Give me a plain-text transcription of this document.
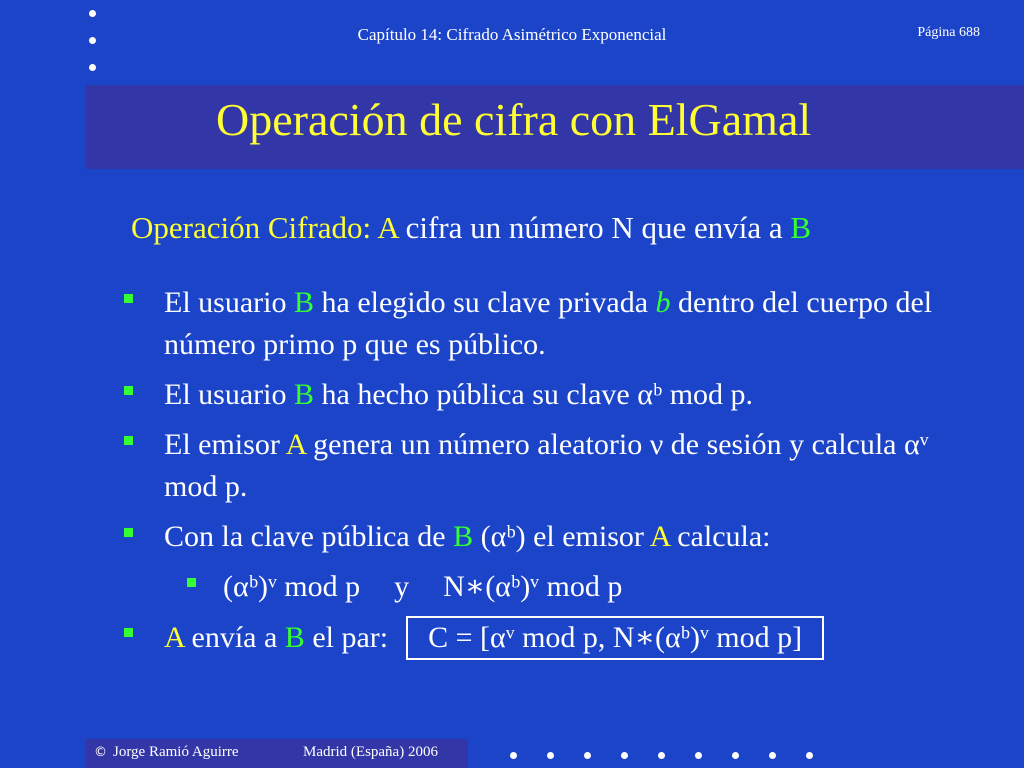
Capítulo 14: Cifrado Asimétrico Exponencial	Página 688
Operación de cifra con ElGamal
Operación Cifrado: A cifra un número N que envía a B
El usuario B ha elegido su clave privada b dentro del cuerpo del número primo p que es público.
El usuario B ha hecho pública su clave αᵇ mod p.
El emisor A genera un número aleatorio ν de sesión y calcula αᵛ mod p.
Con la clave pública de B (αᵇ) el emisor A calcula:
(αᵇ)ᵛ mod p y N∗(αᵇ)ᵛ mod p
A envía a B el par: C = [αᵛ mod p, N∗(αᵇ)ᵛ mod p]
© Jorge Ramió Aguirre	Madrid (España) 2006
